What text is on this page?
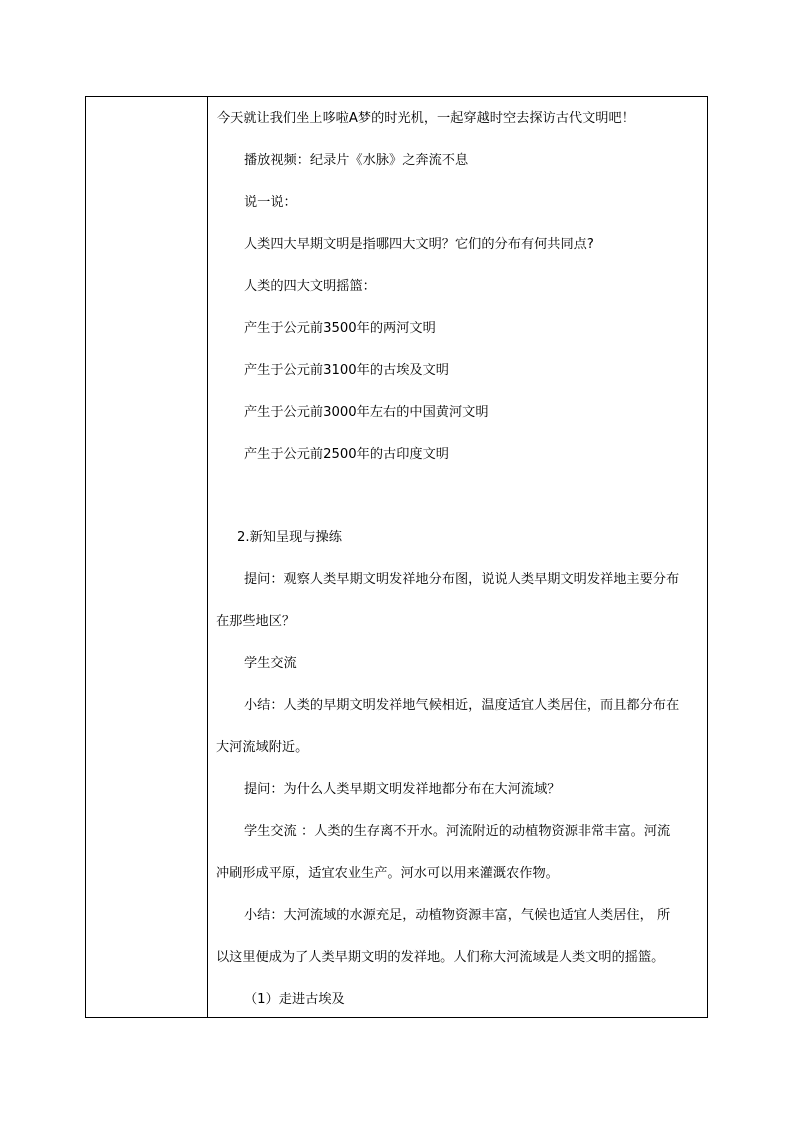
今天就让我们坐上哆啦A梦的时光机，一起穿越时空去探访古代文明吧！
播放视频：纪录片《水脉》之奔流不息
说一说：
人类四大早期文明是指哪四大文明？它们的分布有何共同点?
人类的四大文明摇篮：
产生于公元前3500年的两河文明
产生于公元前3100年的古埃及文明
产生于公元前3000年左右的中国黄河文明
产生于公元前2500年的古印度文明
2.新知呈现与操练
提问：观察人类早期文明发祥地分布图，说说人类早期文明发祥地主要分布
在那些地区？
学生交流
小结：人类的早期文明发祥地气候相近，温度适宜人类居住，而且都分布在
大河流域附近。
提问：为什么人类早期文明发祥地都分布在大河流域？
学生交流 ：人类的生存离不开水。河流附近的动植物资源非常丰富。河流
冲刷形成平原，适宜农业生产。河水可以用来灌溉农作物。
小结：大河流域的水源充足，动植物资源丰富，气候也适宜人类居住， 所
以这里便成为了人类早期文明的发祥地。人们称大河流域是人类文明的摇篮。
（1）走进古埃及
